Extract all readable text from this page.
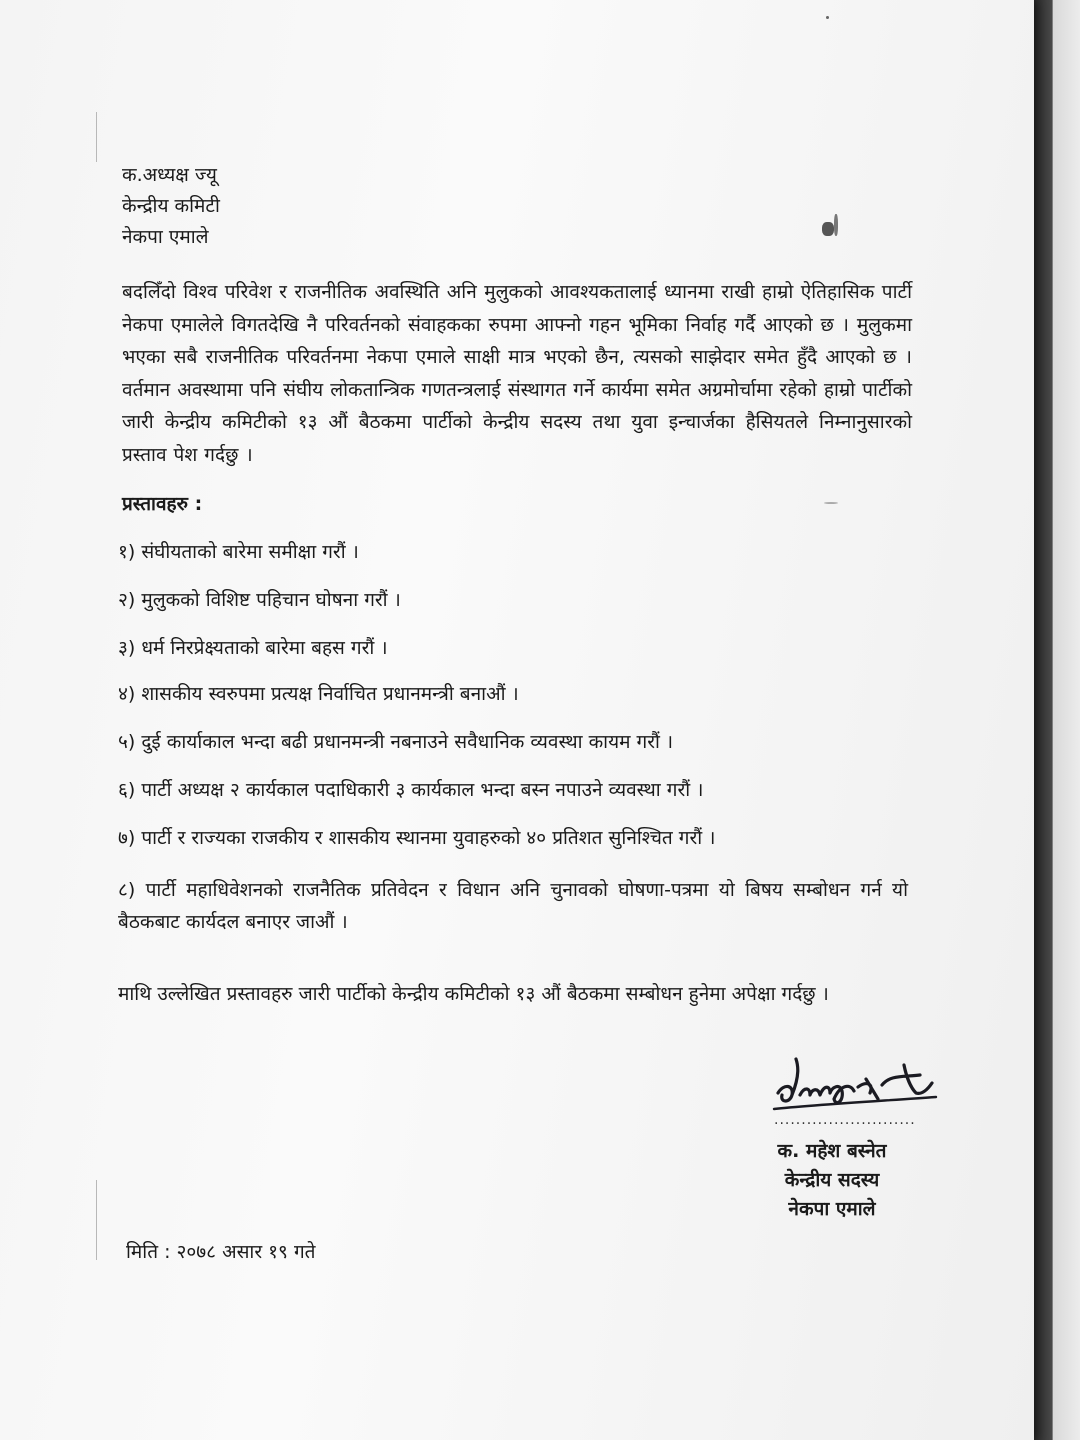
क.अध्यक्ष ज्यू
केन्द्रीय कमिटी
नेकपा एमाले
बदलिँदो विश्व परिवेश र राजनीतिक अवस्थिति अनि मुलुकको आवश्यकतालाई ध्यानमा राखी हाम्रो ऐतिहासिक पार्टी नेकपा एमालेले विगतदेखि नै परिवर्तनको संवाहकका रुपमा आफ्नो गहन भूमिका निर्वाह गर्दै आएको छ । मुलुकमा भएका सबै राजनीतिक परिवर्तनमा नेकपा एमाले साक्षी मात्र भएको छैन, त्यसको साझेदार समेत हुँदै आएको छ । वर्तमान अवस्थामा पनि संघीय लोकतान्त्रिक गणतन्त्रलाई संस्थागत गर्ने कार्यमा समेत अग्रमोर्चामा रहेको हाम्रो पार्टीको जारी केन्द्रीय कमिटीको १३ औं बैठकमा पार्टीको केन्द्रीय सदस्य तथा युवा इन्चार्जका हैसियतले निम्नानुसारको प्रस्ताव पेश गर्दछु ।
प्रस्तावहरु :
१) संघीयताको बारेमा समीक्षा गरौं ।
२) मुलुकको विशिष्ट पहिचान घोषना गरौं ।
३) धर्म निरप्रेक्ष्यताको बारेमा बहस गरौं ।
४) शासकीय स्वरुपमा प्रत्यक्ष निर्वाचित प्रधानमन्त्री बनाऔं ।
५) दुई कार्याकाल भन्दा बढी प्रधानमन्त्री नबनाउने सवैधानिक व्यवस्था कायम गरौं ।
६) पार्टी अध्यक्ष २ कार्यकाल पदाधिकारी ३ कार्यकाल भन्दा बस्न नपाउने व्यवस्था गरौं ।
७) पार्टी र राज्यका राजकीय र शासकीय स्थानमा युवाहरुको ४० प्रतिशत सुनिश्चित गरौं ।
८) पार्टी महाधिवेशनको राजनैतिक प्रतिवेदन र विधान अनि चुनावको घोषणा-पत्रमा यो बिषय सम्बोधन गर्न यो बैठकबाट कार्यदल बनाएर जाऔं ।
माथि उल्लेखित प्रस्तावहरु जारी पार्टीको केन्द्रीय कमिटीको १३ औं बैठकमा सम्बोधन हुनेमा अपेक्षा गर्दछु ।
..........................
क. महेश बस्नेत
केन्द्रीय सदस्य
नेकपा एमाले
मिति : २०७८ असार १९ गते
